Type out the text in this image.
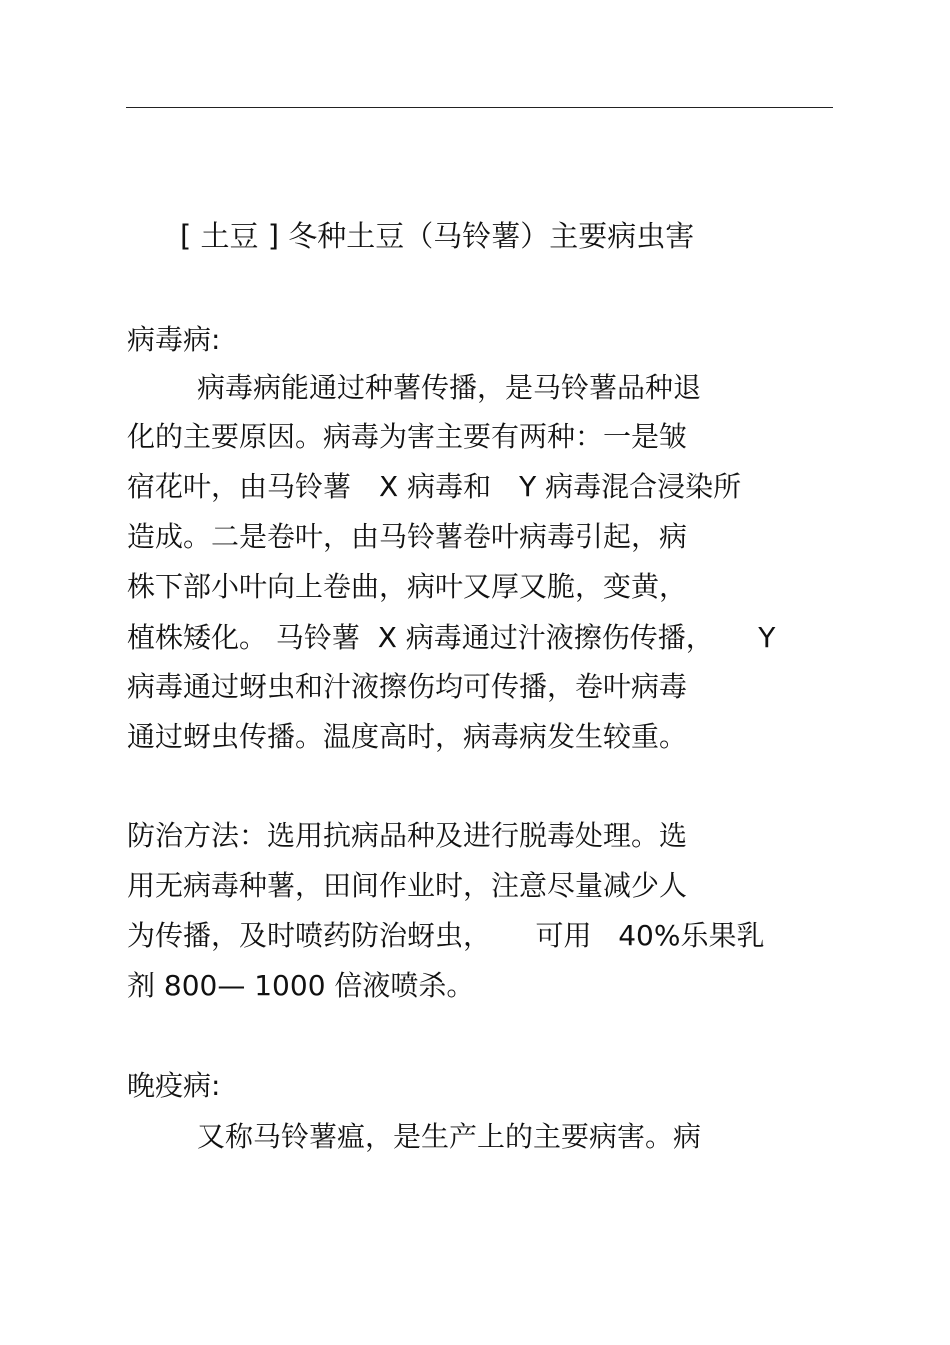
[ 土豆 ] 冬种土豆（马铃薯）主要病虫害
病毒病:
病毒病能通过种薯传播，是马铃薯品种退
化的主要原因。病毒为害主要有两种：一是皱
宿花叶，由马铃薯　X 病毒和　Y 病毒混合浸染所
造成。二是卷叶，由马铃薯卷叶病毒引起，病
株下部小叶向上卷曲，病叶又厚又脆，变黄，
植株矮化。 马铃薯  X 病毒通过汁液擦伤传播，     Y
病毒通过蚜虫和汁液擦伤均可传播，卷叶病毒
通过蚜虫传播。温度高时，病毒病发生较重。
防治方法：选用抗病品种及进行脱毒处理。选
用无病毒种薯，田间作业时，注意尽量减少人
为传播，及时喷药防治蚜虫，     可用   40%乐果乳
剂 800— 1000 倍液喷杀。
晚疫病:
又称马铃薯瘟，是生产上的主要病害。病
